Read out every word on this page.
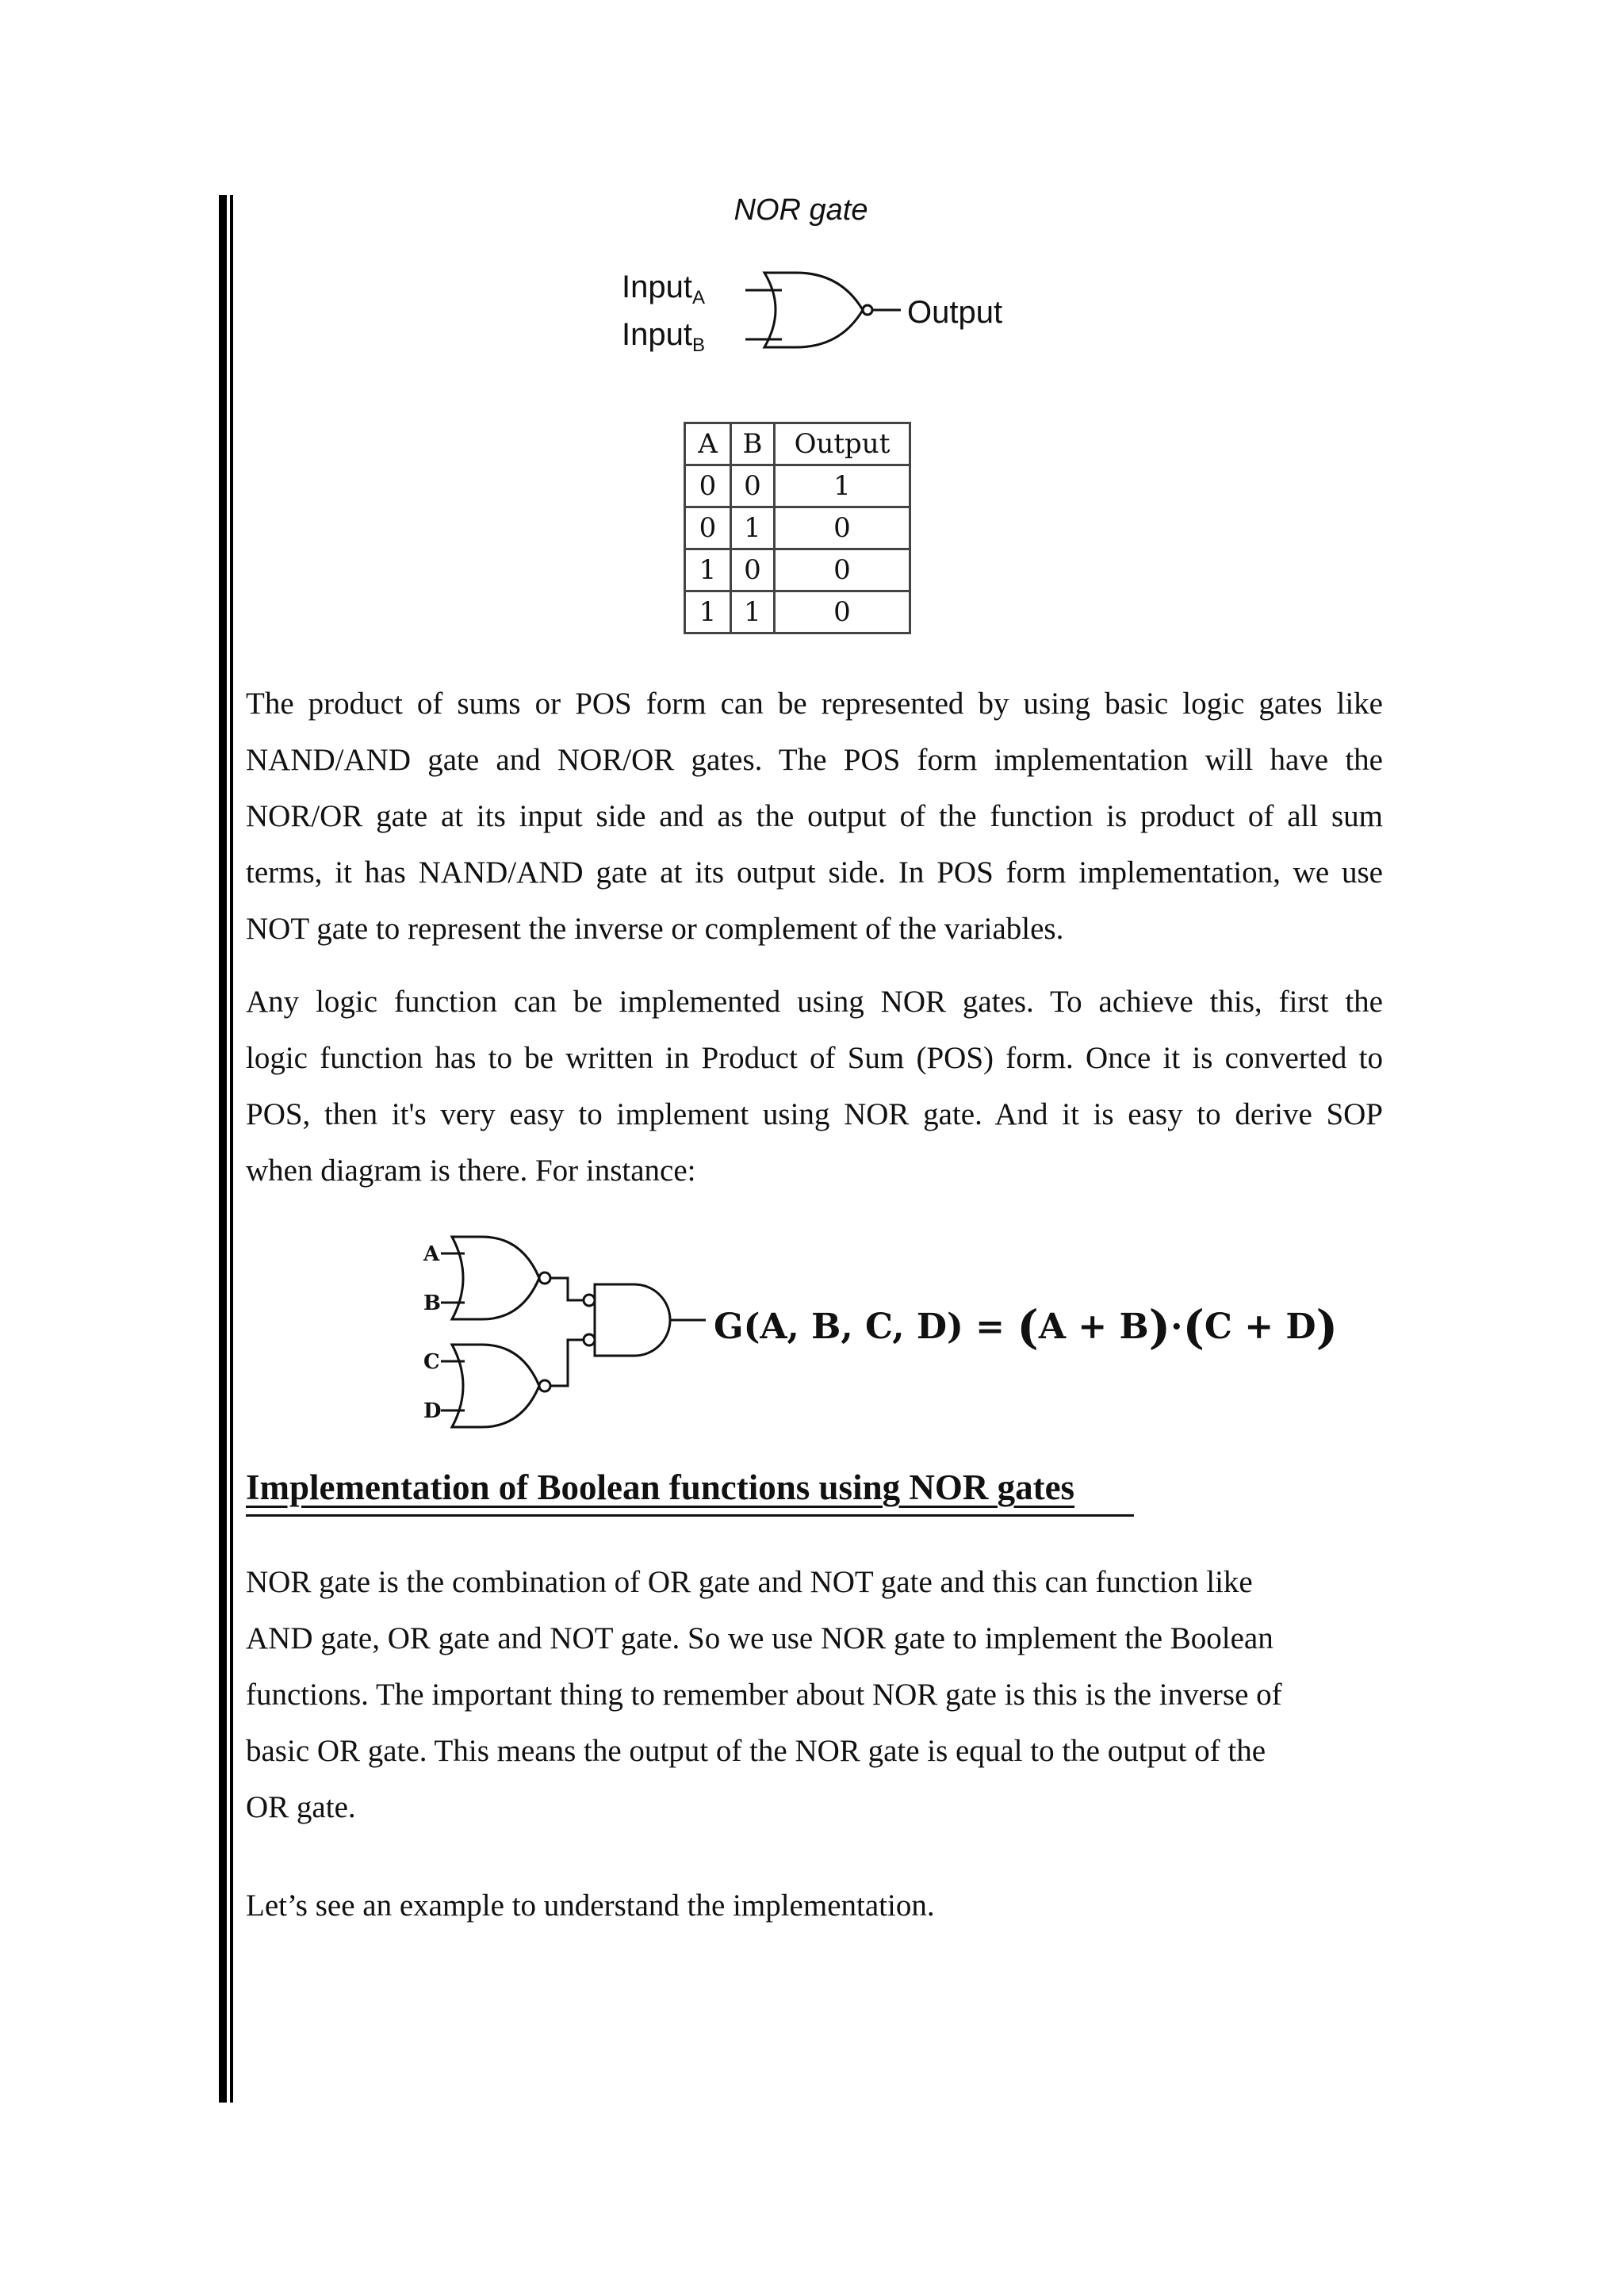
NOR gate
Input$_A$
Input$_B$
Output
A	B	Output
0	0	1
0	1	0
1	0	0
1	1	0
The product of sums or POS form can be represented by using basic logic gates like
NAND/AND gate and NOR/OR gates. The POS form implementation will have the
NOR/OR gate at its input side and as the output of the function is product of all sum
terms, it has NAND/AND gate at its output side. In POS form implementation, we use
NOT gate to represent the inverse or complement of the variables.
Any logic function can be implemented using NOR gates. To achieve this, first the
logic function has to be written in Product of Sum (POS) form. Once it is converted to
POS, then it's very easy to implement using NOR gate. And it is easy to derive SOP
when diagram is there. For instance:
A
B
C
D
G(A, B, C, D) = (A + B)·(C + D)
Implementation of Boolean functions using NOR gates
NOR gate is the combination of OR gate and NOT gate and this can function like
AND gate, OR gate and NOT gate. So we use NOR gate to implement the Boolean
functions. The important thing to remember about NOR gate is this is the inverse of
basic OR gate. This means the output of the NOR gate is equal to the output of the
OR gate.
Let’s see an example to understand the implementation.
